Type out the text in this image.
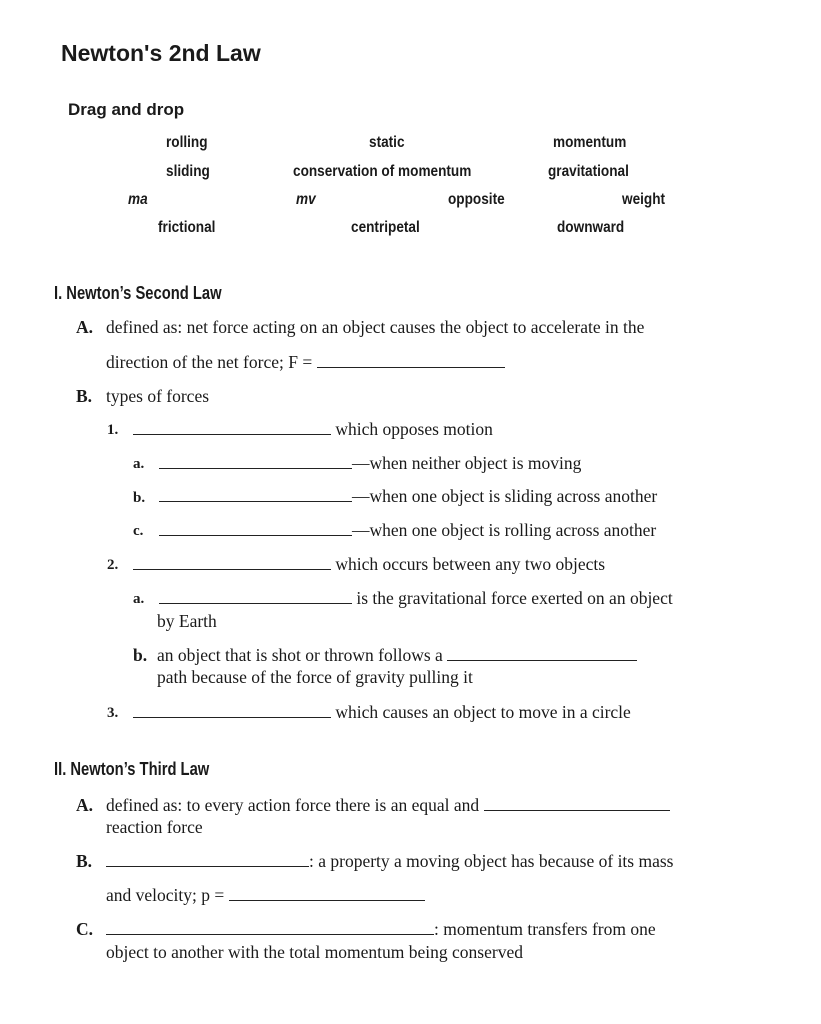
Newton's 2nd Law
Drag and drop
rolling	static	momentum
sliding	conservation of momentum	gravitational
ma	mv	opposite	weight
frictional	centripetal	downward
I. Newton’s Second Law
A. defined as: net force acting on an object causes the object to accelerate in the
direction of the net force; F =
B. types of forces
1.	which opposes motion
a.	—when neither object is moving
b.	—when one object is sliding across another
c.	—when one object is rolling across another
2.	which occurs between any two objects
a.	is the gravitational force exerted on an object
by Earth
b. an object that is shot or thrown follows a
path because of the force of gravity pulling it
3.	which causes an object to move in a circle
II. Newton’s Third Law
A. defined as: to every action force there is an equal and
reaction force
B.	: a property a moving object has because of its mass
and velocity; p =
C.	: momentum transfers from one
object to another with the total momentum being conserved
